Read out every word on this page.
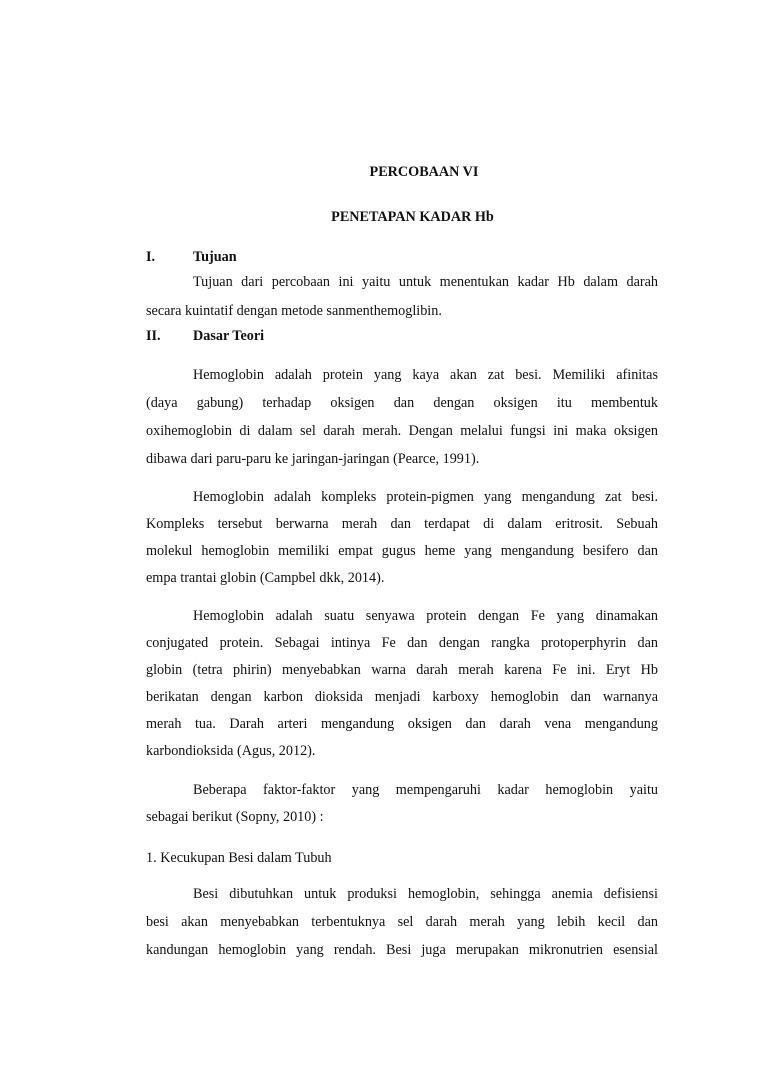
PERCOBAAN VI
PENETAPAN KADAR Hb
I.	Tujuan
Tujuan dari percobaan ini yaitu untuk menentukan kadar Hb dalam darah
secara kuintatif dengan metode sanmenthemoglibin.
II. Dasar Teori
Hemoglobin adalah protein yang kaya akan zat besi. Memiliki afinitas
(daya gabung) terhadap oksigen dan dengan oksigen itu membentuk
oxihemoglobin di dalam sel darah merah. Dengan melalui fungsi ini maka oksigen
dibawa dari paru-paru ke jaringan-jaringan (Pearce, 1991).
Hemoglobin adalah kompleks protein-pigmen yang mengandung zat besi.
Kompleks tersebut berwarna merah dan terdapat di dalam eritrosit. Sebuah
molekul hemoglobin memiliki empat gugus heme yang mengandung besifero dan
empa trantai globin (Campbel dkk, 2014).
Hemoglobin adalah suatu senyawa protein dengan Fe yang dinamakan
conjugated protein. Sebagai intinya Fe dan dengan rangka protoperphyrin dan
globin (tetra phirin) menyebabkan warna darah merah karena Fe ini. Eryt Hb
berikatan dengan karbon dioksida menjadi karboxy hemoglobin dan warnanya
merah tua. Darah arteri mengandung oksigen dan darah vena mengandung
karbondioksida (Agus, 2012).
Beberapa faktor-faktor yang mempengaruhi kadar hemoglobin yaitu
sebagai berikut (Sopny, 2010) :
1. Kecukupan Besi dalam Tubuh
Besi dibutuhkan untuk produksi hemoglobin, sehingga anemia defisiensi
besi akan menyebabkan terbentuknya sel darah merah yang lebih kecil dan
kandungan hemoglobin yang rendah. Besi juga merupakan mikronutrien esensial
